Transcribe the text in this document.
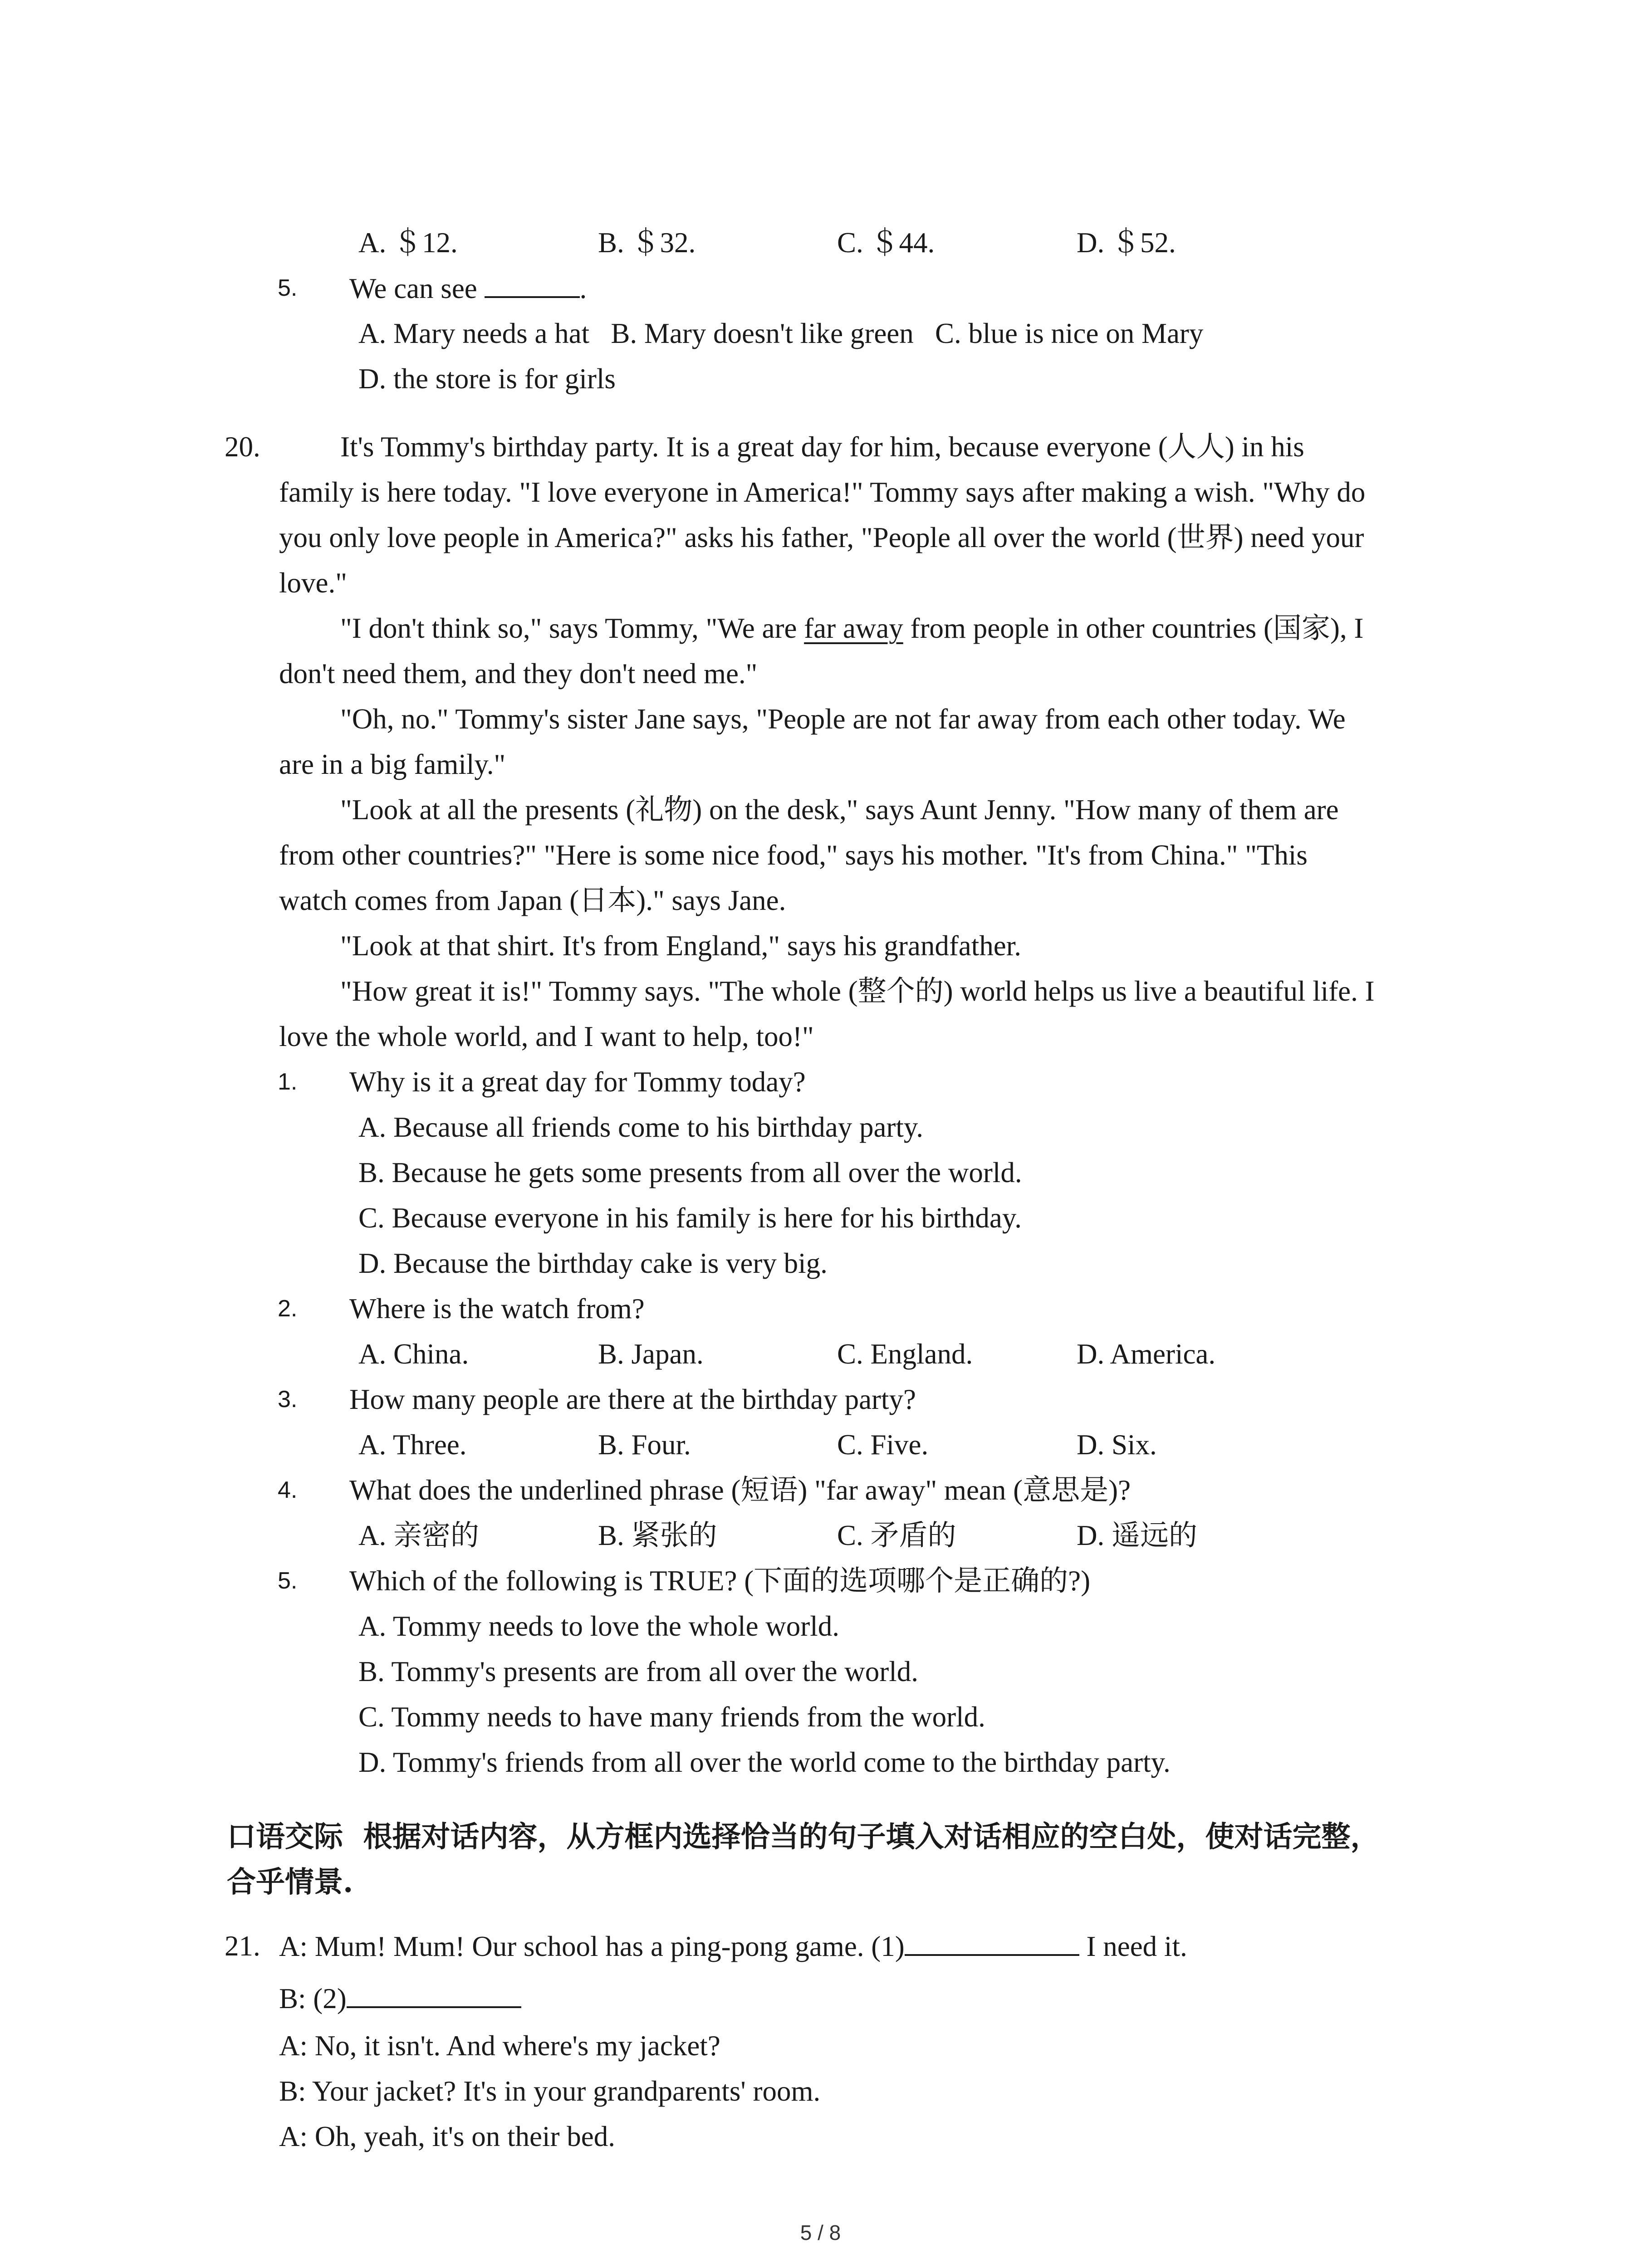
A. ＄12.	B. ＄32.	C. ＄44.	D. ＄52.
5. We can see	.
A. Mary needs a hat   B. Mary doesn't like green   C. blue is nice on Mary
D. the store is for girls
20.	It's Tommy's birthday party. It is a great day for him, because everyone (人人) in his
family is here today. "I love everyone in America!" Tommy says after making a wish. "Why do
you only love people in America?" asks his father, "People all over the world (世界) need your
love."
"I don't think so," says Tommy, "We are far away from people in other countries (国家), I
don't need them, and they don't need me."
"Oh, no." Tommy's sister Jane says, "People are not far away from each other today. We
are in a big family."
"Look at all the presents (礼物) on the desk," says Aunt Jenny. "How many of them are
from other countries?" "Here is some nice food," says his mother. "It's from China." "This
watch comes from Japan (日本)." says Jane.
"Look at that shirt. It's from England," says his grandfather.
"How great it is!" Tommy says. "The whole (整个的) world helps us live a beautiful life. I
love the whole world, and I want to help, too!"
1. Why is it a great day for Tommy today?
A. Because all friends come to his birthday party.
B. Because he gets some presents from all over the world.
C. Because everyone in his family is here for his birthday.
D. Because the birthday cake is very big.
2. Where is the watch from?
A. China.	B. Japan.	C. England.	D. America.
3. How many people are there at the birthday party?
A. Three.	B. Four.	C. Five.	D. Six.
4. What does the underlined phrase (短语) "far away" mean (意思是)?
A. 亲密的	B. 紧张的	C. 矛盾的	D. 遥远的
5. Which of the following is TRUE? (下面的选项哪个是正确的?)
A. Tommy needs to love the whole world.
B. Tommy's presents are from all over the world.
C. Tommy needs to have many friends from the world.
D. Tommy's friends from all over the world come to the birthday party.
口语交际  根据对话内容，从方框内选择恰当的句子填入对话相应的空白处，使对话完整，
合乎情景.
21. A: Mum! Mum! Our school has a ping-pong game. (1)	I need it.
B: (2)
A: No, it isn't. And where's my jacket?
B: Your jacket? It's in your grandparents' room.
A: Oh, yeah, it's on their bed.
5 / 8
